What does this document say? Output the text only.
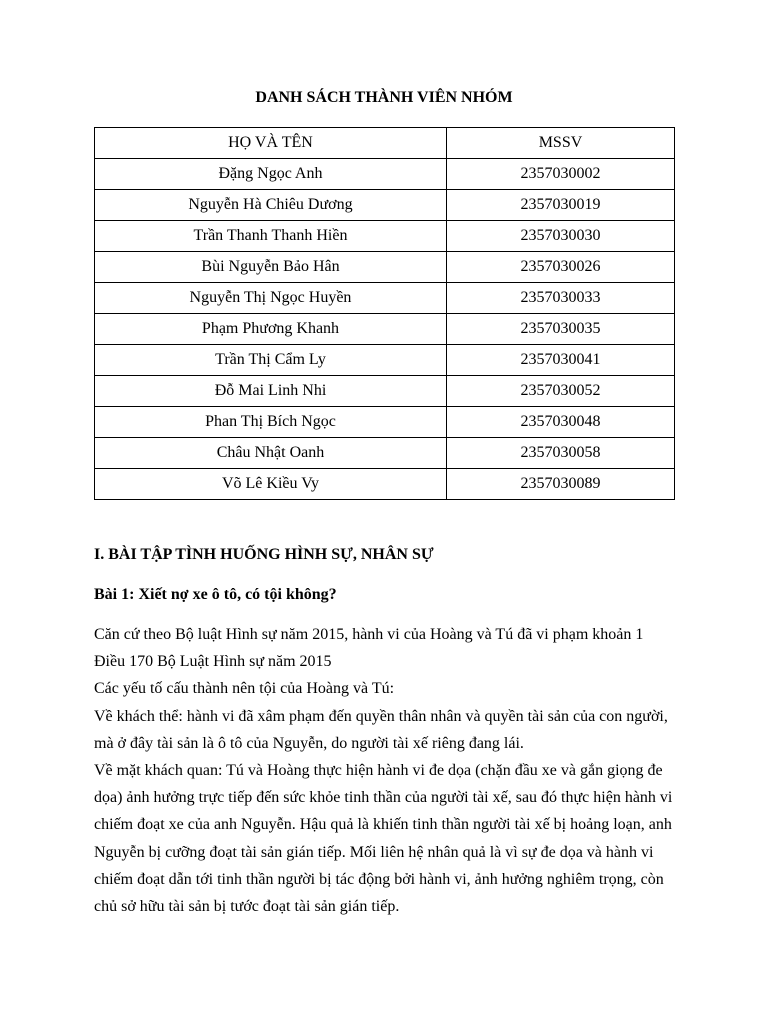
DANH SÁCH THÀNH VIÊN NHÓM
HỌ VÀ TÊN	MSSV
Đặng Ngọc Anh	2357030002
Nguyễn Hà Chiêu Dương	2357030019
Trần Thanh Thanh Hiền	2357030030
Bùi Nguyễn Bảo Hân	2357030026
Nguyễn Thị Ngọc Huyền	2357030033
Phạm Phương Khanh	2357030035
Trần Thị Cẩm Ly	2357030041
Đỗ Mai Linh Nhi	2357030052
Phan Thị Bích Ngọc	2357030048
Châu Nhật Oanh	2357030058
Võ Lê Kiều Vy	2357030089
I. BÀI TẬP TÌNH HUỐNG HÌNH SỰ, NHÂN SỰ
Bài 1: Xiết nợ xe ô tô, có tội không?

Căn cứ theo Bộ luật Hình sự năm 2015, hành vi của Hoàng và Tú đã vi phạm khoản 1 Điều 170 Bộ Luật Hình sự năm 2015

Các yếu tố cấu thành nên tội của Hoàng và Tú:

Về khách thể: hành vi đã xâm phạm đến quyền thân nhân và quyền tài sản của con người, mà ở đây tài sản là ô tô của Nguyễn, do người tài xế riêng đang lái.

Về mặt khách quan: Tú và Hoàng thực hiện hành vi đe dọa (chặn đầu xe và gắn giọng đe dọa) ảnh hưởng trực tiếp đến sức khỏe tinh thần của người tài xế, sau đó thực hiện hành vi chiếm đoạt xe của anh Nguyễn. Hậu quả là khiến tinh thần người tài xế bị hoảng loạn, anh Nguyễn bị cưỡng đoạt tài sản gián tiếp. Mối liên hệ nhân quả là vì sự đe dọa và hành vi chiếm đoạt dẫn tới tinh thần người bị tác động bởi hành vi, ảnh hưởng nghiêm trọng, còn chủ sở hữu tài sản bị tước đoạt tài sản gián tiếp.
